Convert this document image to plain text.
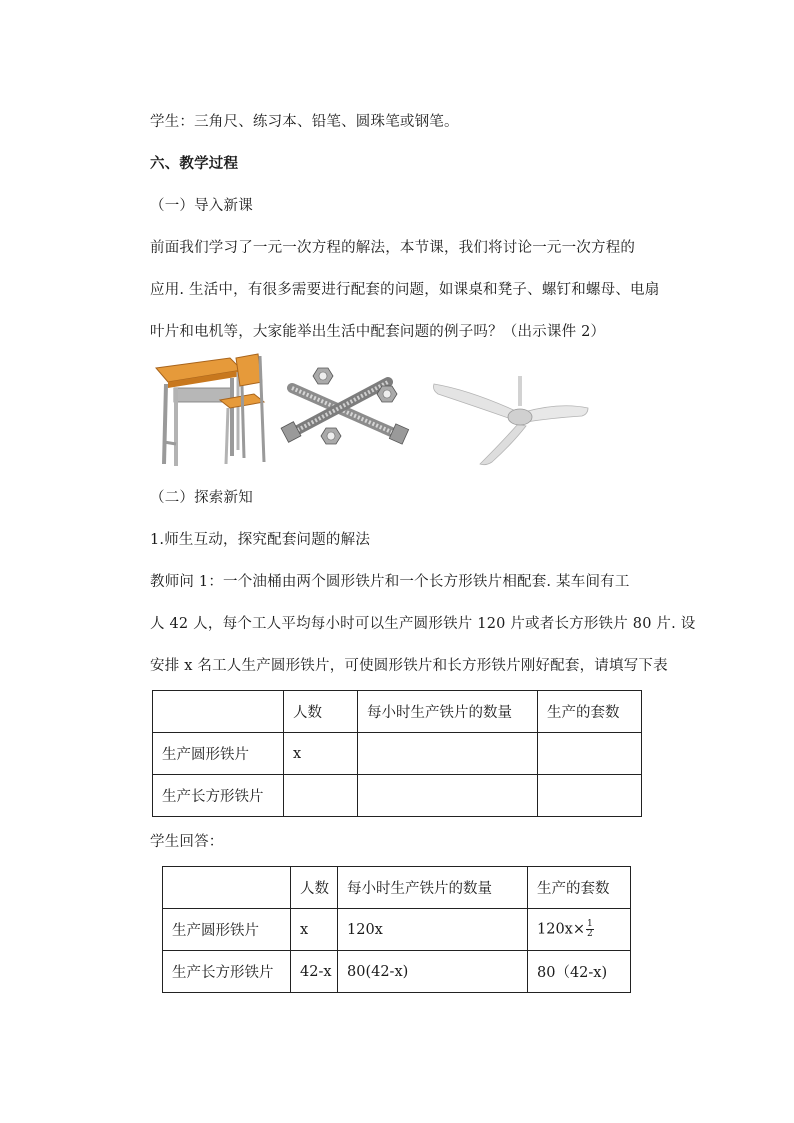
学生：三角尺、练习本、铅笔、圆珠笔或钢笔。
六、教学过程
（一）导入新课
前面我们学习了一元一次方程的解法，本节课，我们将讨论一元一次方程的
应用. 生活中，有很多需要进行配套的问题，如课桌和凳子、螺钉和螺母、电扇
叶片和电机等，大家能举出生活中配套问题的例子吗？（出示课件 2）
（二）探索新知
1.师生互动，探究配套问题的解法
教师问 1：一个油桶由两个圆形铁片和一个长方形铁片相配套. 某车间有工
人 42 人，每个工人平均每小时可以生产圆形铁片 120 片或者长方形铁片 80 片. 设
安排 x 名工人生产圆形铁片，可使圆形铁片和长方形铁片刚好配套，请填写下表
	人数	每小时生产铁片的数量	生产的套数
生产圆形铁片	x		
生产长方形铁片			
学生回答：
	人数	每小时生产铁片的数量	生产的套数
生产圆形铁片	x	120x	$120x\times \frac{1}{2}$

生产长方形铁片	42-x	80(42-x)	80（42-x)
